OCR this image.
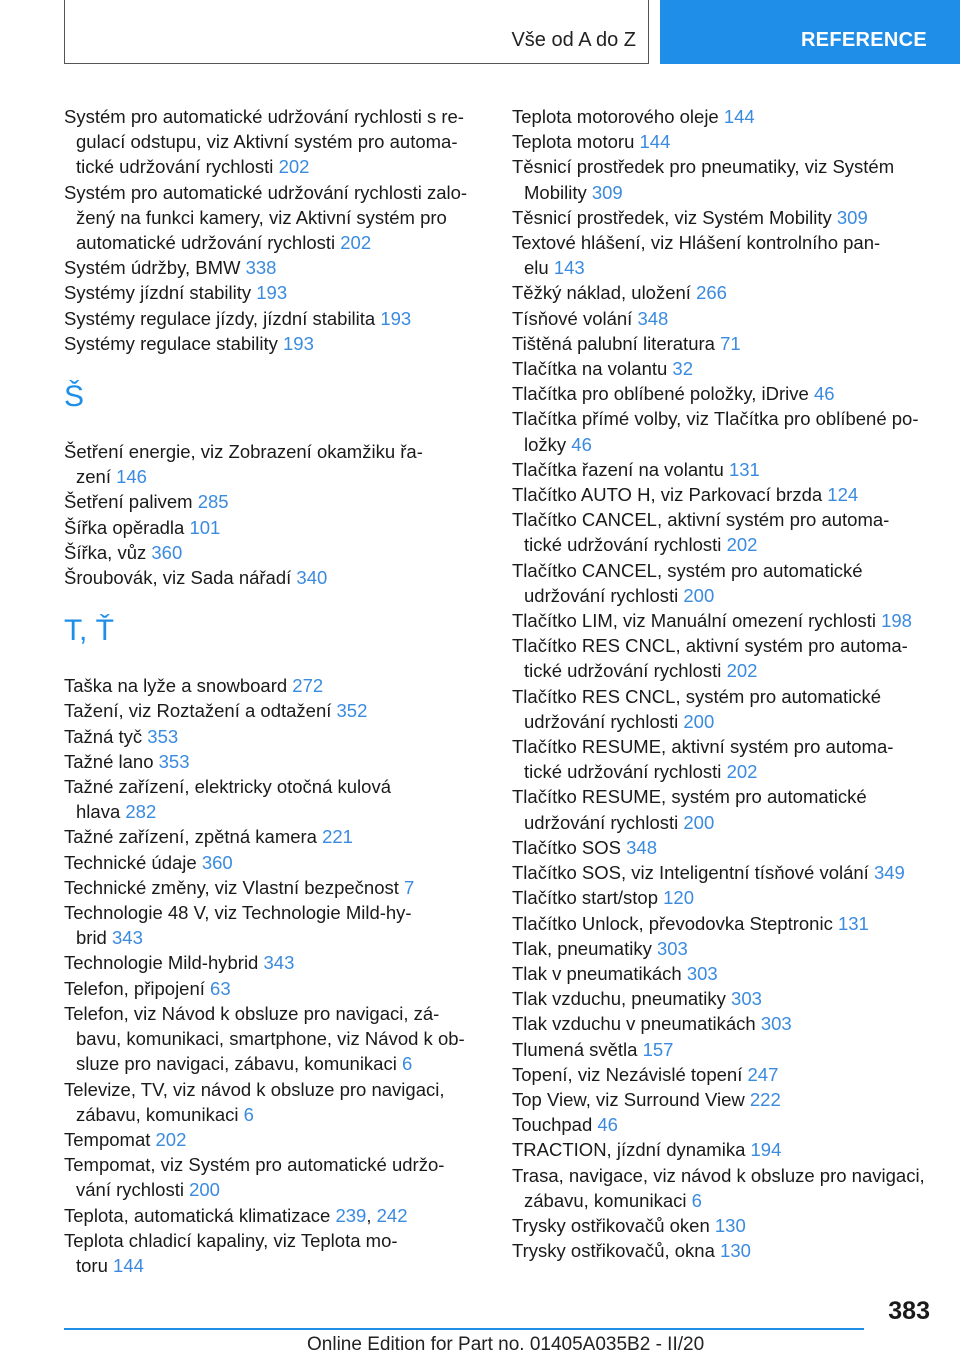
Vše od A do Z	REFERENCE
Systém pro automatické udržování rychlosti s re-
gulací odstupu, viz Aktivní systém pro automa-
tické udržování rychlosti 202
Systém pro automatické udržování rychlosti zalo-
žený na funkci kamery, viz Aktivní systém pro
automatické udržování rychlosti 202
Systém údržby, BMW 338
Systémy jízdní stability 193
Systémy regulace jízdy, jízdní stabilita 193
Systémy regulace stability 193
Š
Šetření energie, viz Zobrazení okamžiku řa-
zení 146
Šetření palivem 285
Šířka opěradla 101
Šířka, vůz 360
Šroubovák, viz Sada nářadí 340
T, Ť
Taška na lyže a snowboard 272
Tažení, viz Roztažení a odtažení 352
Tažná tyč 353
Tažné lano 353
Tažné zařízení, elektricky otočná kulová
hlava 282
Tažné zařízení, zpětná kamera 221
Technické údaje 360
Technické změny, viz Vlastní bezpečnost 7
Technologie 48 V, viz Technologie Mild-hy-
brid 343
Technologie Mild-hybrid 343
Telefon, připojení 63
Telefon, viz Návod k obsluze pro navigaci, zá-
bavu, komunikaci, smartphone, viz Návod k ob-
sluze pro navigaci, zábavu, komunikaci 6
Televize, TV, viz návod k obsluze pro navigaci,
zábavu, komunikaci 6
Tempomat 202
Tempomat, viz Systém pro automatické udržo-
vání rychlosti 200
Teplota, automatická klimatizace 239, 242
Teplota chladicí kapaliny, viz Teplota mo-
toru 144
Teplota motorového oleje 144
Teplota motoru 144
Těsnicí prostředek pro pneumatiky, viz Systém
Mobility 309
Těsnicí prostředek, viz Systém Mobility 309
Textové hlášení, viz Hlášení kontrolního pan-
elu 143
Těžký náklad, uložení 266
Tísňové volání 348
Tištěná palubní literatura 71
Tlačítka na volantu 32
Tlačítka pro oblíbené položky, iDrive 46
Tlačítka přímé volby, viz Tlačítka pro oblíbené po-
ložky 46
Tlačítka řazení na volantu 131
Tlačítko AUTO H, viz Parkovací brzda 124
Tlačítko CANCEL, aktivní systém pro automa-
tické udržování rychlosti 202
Tlačítko CANCEL, systém pro automatické
udržování rychlosti 200
Tlačítko LIM, viz Manuální omezení rychlosti 198
Tlačítko RES CNCL, aktivní systém pro automa-
tické udržování rychlosti 202
Tlačítko RES CNCL, systém pro automatické
udržování rychlosti 200
Tlačítko RESUME, aktivní systém pro automa-
tické udržování rychlosti 202
Tlačítko RESUME, systém pro automatické
udržování rychlosti 200
Tlačítko SOS 348
Tlačítko SOS, viz Inteligentní tísňové volání 349
Tlačítko start/stop 120
Tlačítko Unlock, převodovka Steptronic 131
Tlak, pneumatiky 303
Tlak v pneumatikách 303
Tlak vzduchu, pneumatiky 303
Tlak vzduchu v pneumatikách 303
Tlumená světla 157
Topení, viz Nezávislé topení 247
Top View, viz Surround View 222
Touchpad 46
TRACTION, jízdní dynamika 194
Trasa, navigace, viz návod k obsluze pro navigaci,
zábavu, komunikaci 6
Trysky ostřikovačů oken 130
Trysky ostřikovačů, okna 130
383
Online Edition for Part no. 01405A035B2 - II/20
